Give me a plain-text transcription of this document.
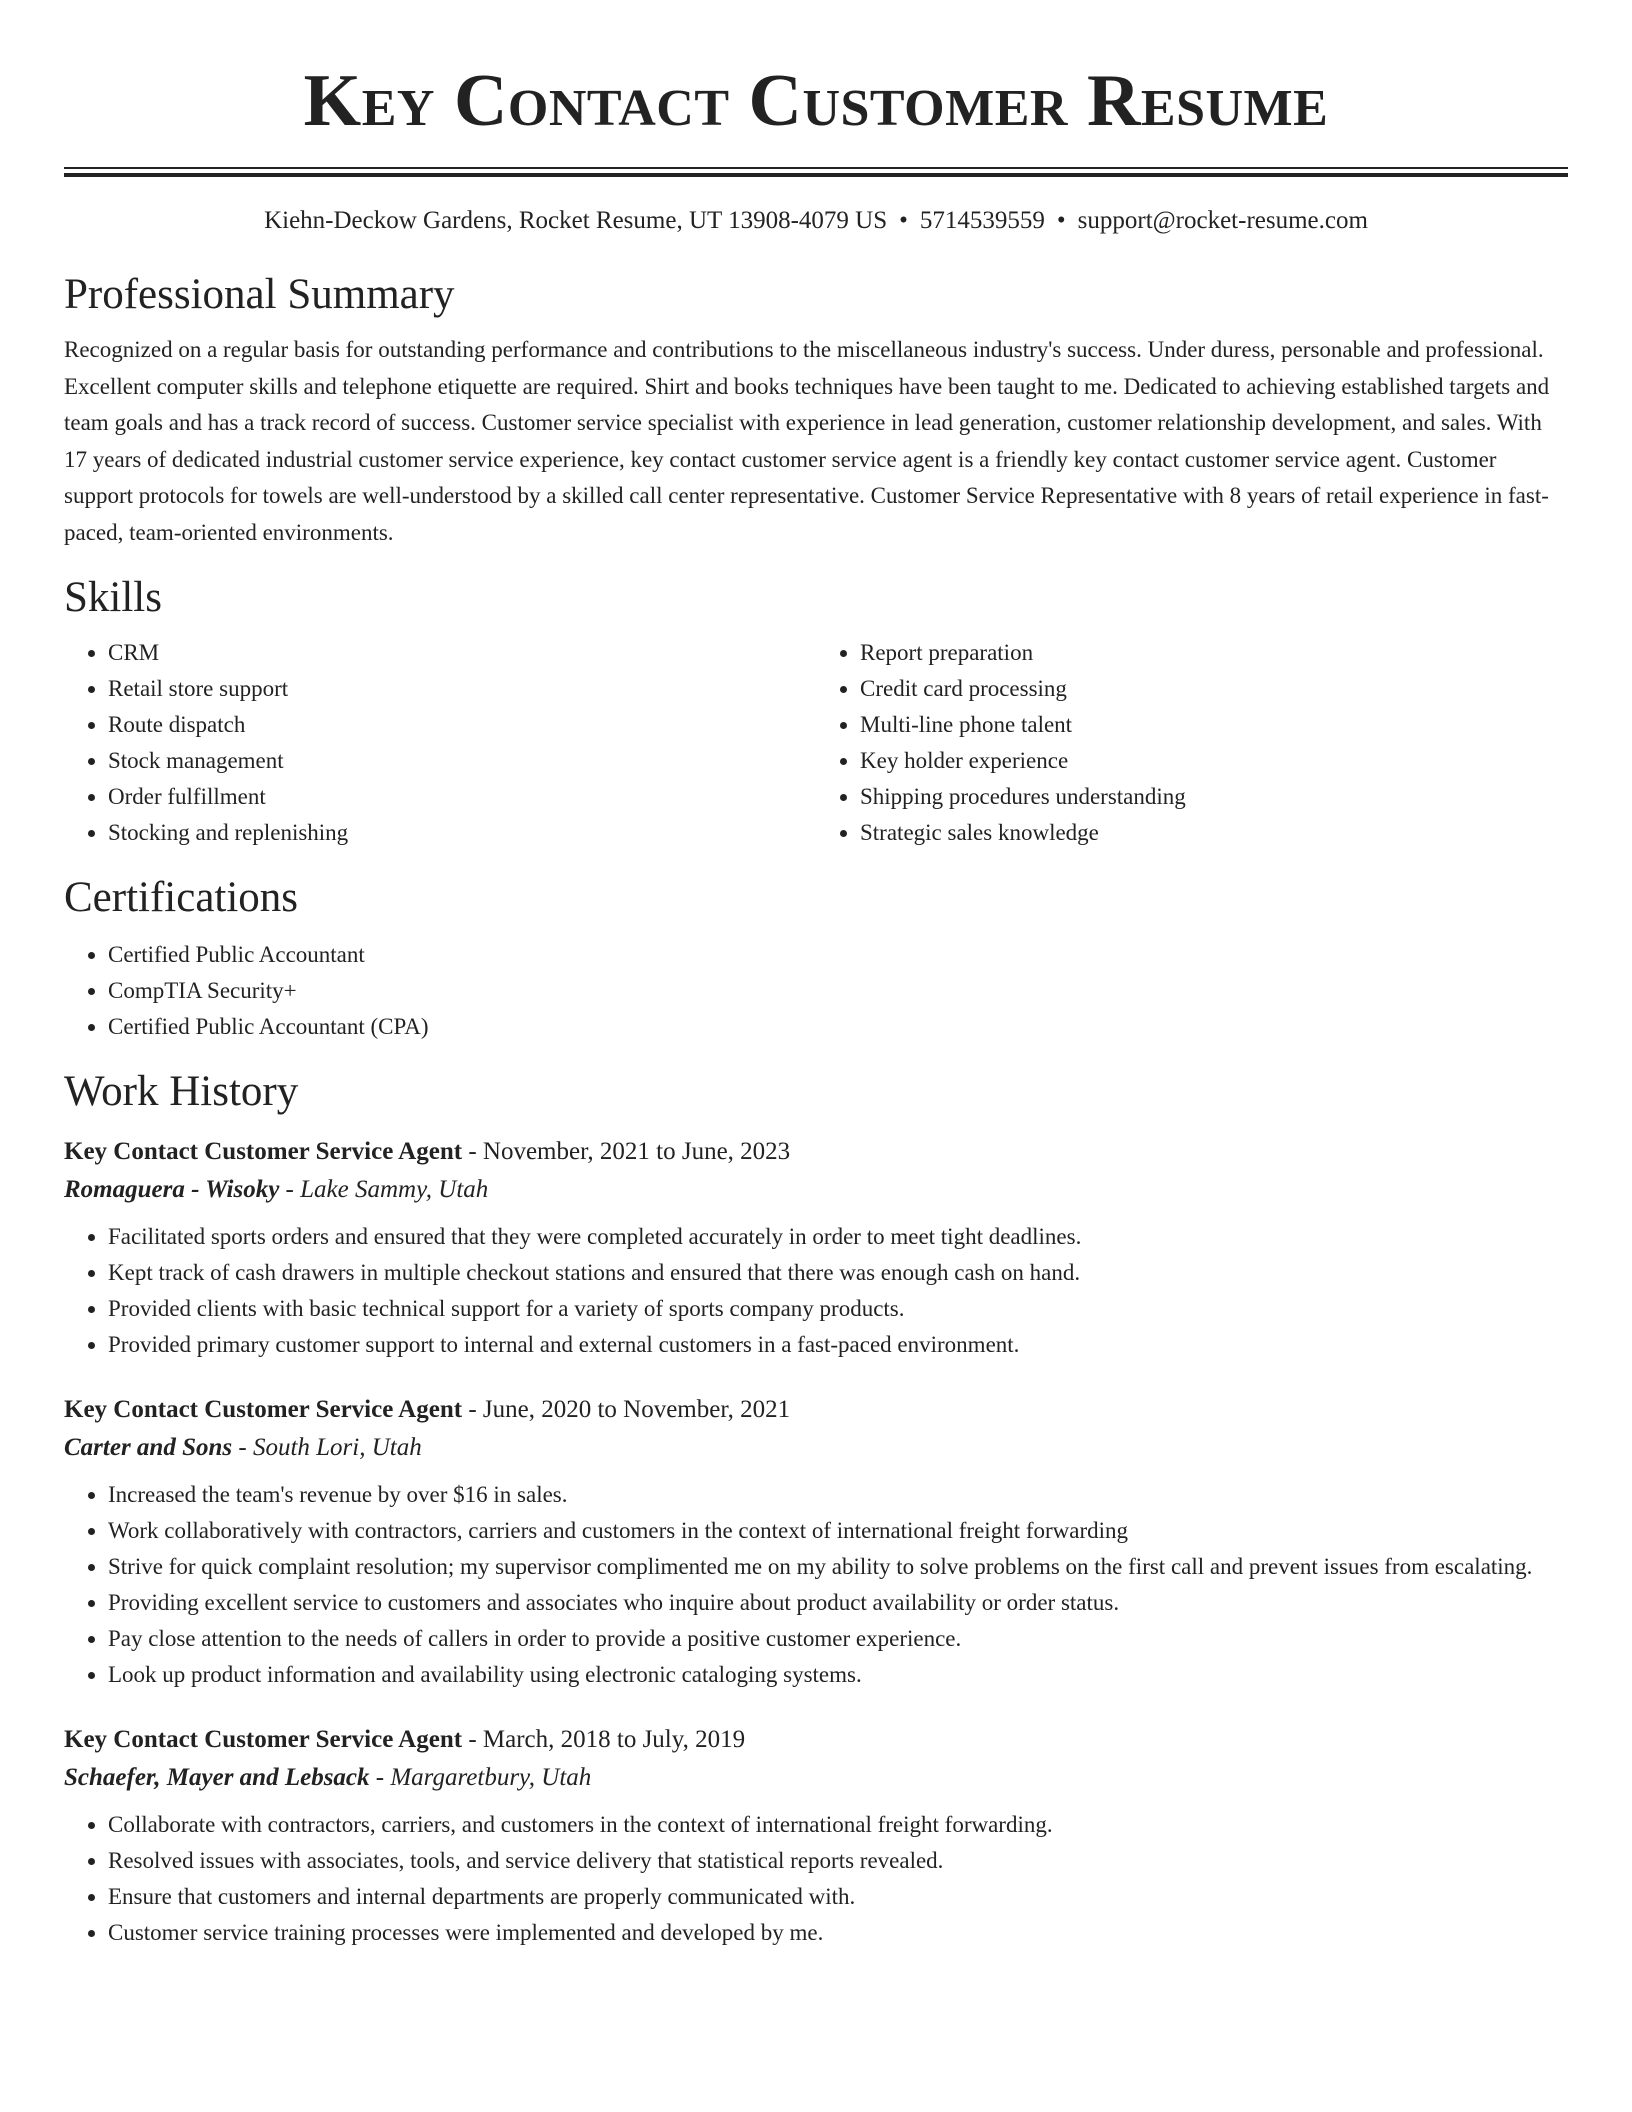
Key Contact Customer Resume
Kiehn-Deckow Gardens, Rocket Resume, UT 13908-4079 US • 5714539559 • support@rocket-resume.com
Professional Summary

Recognized on a regular basis for outstanding performance and contributions to the miscellaneous industry's success. Under duress, personable and professional. Excellent computer skills and telephone etiquette are required. Shirt and books techniques have been taught to me. Dedicated to achieving established targets and team goals and has a track record of success. Customer service specialist with experience in lead generation, customer relationship development, and sales. With 17 years of dedicated industrial customer service experience, key contact customer service agent is a friendly key contact customer service agent. Customer support protocols for towels are well-understood by a skilled call center representative. Customer Service Representative with 8 years of retail experience in fast-paced, team-oriented environments.

Skills
• CRM
• Retail store support
• Route dispatch
• Stock management
• Order fulfillment
• Stocking and replenishing
• Report preparation
• Credit card processing
• Multi-line phone talent
• Key holder experience
• Shipping procedures understanding
• Strategic sales knowledge
Certifications
• Certified Public Accountant
• CompTIA Security+
• Certified Public Accountant (CPA)
Work History
Key Contact Customer Service Agent - November, 2021 to June, 2023
Romaguera - Wisoky - Lake Sammy, Utah
• Facilitated sports orders and ensured that they were completed accurately in order to meet tight deadlines.
• Kept track of cash drawers in multiple checkout stations and ensured that there was enough cash on hand.
• Provided clients with basic technical support for a variety of sports company products.
• Provided primary customer support to internal and external customers in a fast-paced environment.
Key Contact Customer Service Agent - June, 2020 to November, 2021
Carter and Sons - South Lori, Utah
• Increased the team's revenue by over $16 in sales.
• Work collaboratively with contractors, carriers and customers in the context of international freight forwarding
• Strive for quick complaint resolution; my supervisor complimented me on my ability to solve problems on the first call and prevent issues from escalating.
• Providing excellent service to customers and associates who inquire about product availability or order status.
• Pay close attention to the needs of callers in order to provide a positive customer experience.
• Look up product information and availability using electronic cataloging systems.
Key Contact Customer Service Agent - March, 2018 to July, 2019
Schaefer, Mayer and Lebsack - Margaretbury, Utah
• Collaborate with contractors, carriers, and customers in the context of international freight forwarding.
• Resolved issues with associates, tools, and service delivery that statistical reports revealed.
• Ensure that customers and internal departments are properly communicated with.
• Customer service training processes were implemented and developed by me.
